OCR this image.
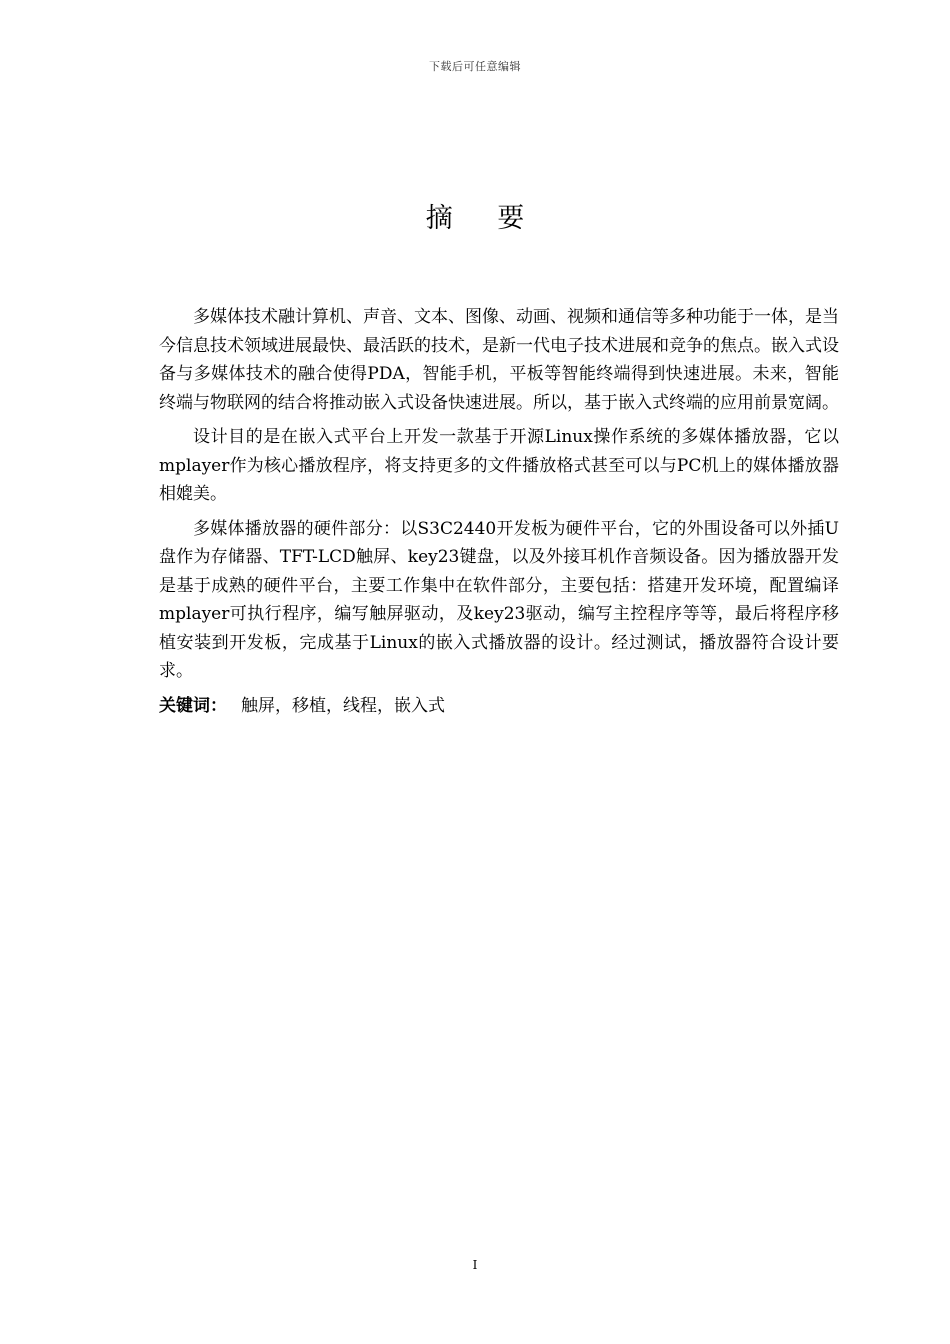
下载后可任意编辑
摘 要

多媒体技术融计算机、声音、文本、图像、动画、视频和通信等多种功能于一体，是当今信息技术领域进展最快、最活跃的技术，是新一代电子技术进展和竞争的焦点。嵌入式设备与多媒体技术的融合使得PDA，智能手机，平板等智能终端得到快速进展。未来，智能终端与物联网的结合将推动嵌入式设备快速进展。所以，基于嵌入式终端的应用前景宽阔。

设计目的是在嵌入式平台上开发一款基于开源Linux操作系统的多媒体播放器，它以mplayer作为核心播放程序，将支持更多的文件播放格式甚至可以与PC机上的媒体播放器相媲美。

多媒体播放器的硬件部分：以S3C2440开发板为硬件平台，它的外围设备可以外插U盘作为存储器、TFT-LCD触屏、key23键盘，以及外接耳机作音频设备。因为播放器开发是基于成熟的硬件平台，主要工作集中在软件部分，主要包括：搭建开发环境，配置编译mplayer可执行程序，编写触屏驱动，及key23驱动，编写主控程序等等，最后将程序移植安装到开发板，完成基于Linux的嵌入式播放器的设计。经过测试，播放器符合设计要求。

关键词： 触屏，移植，线程，嵌入式
I
